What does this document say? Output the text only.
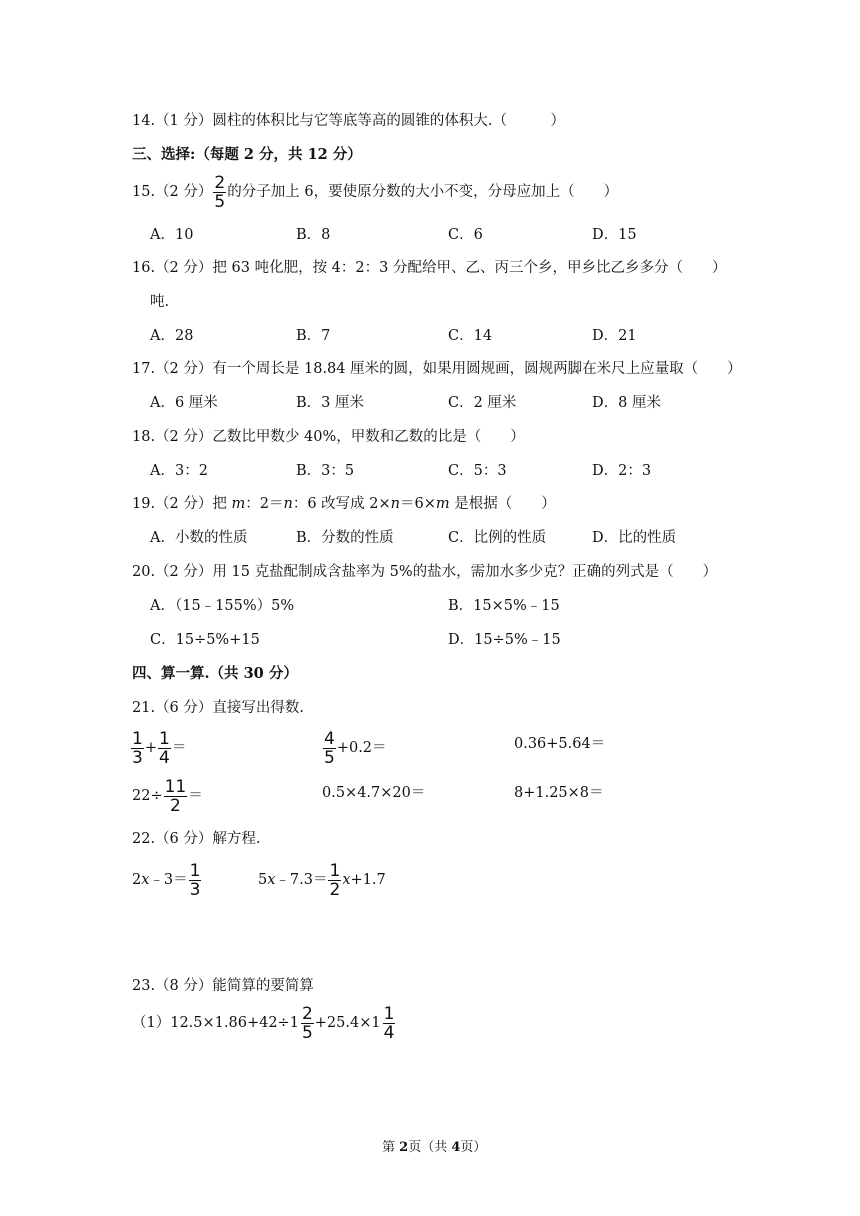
14.（1 分）圆柱的体积比与它等底等高的圆锥的体积大.（　　　）
三、选择:（每题 2 分，共 12 分）
15.（2 分） $\frac{2}{5}$ 的分子加上 6，要使原分数的大小不变，分母应加上（　　）
A．10	B．8	C．6	D．15
16.（2 分）把 63 吨化肥，按 4：2：3 分配给甲、乙、丙三个乡，甲乡比乙乡多分（　　）
吨.
A．28	B．7	C．14	D．21
17.（2 分）有一个周长是 18.84 厘米的圆，如果用圆规画，圆规两脚在米尺上应量取（　　）
A．6 厘米	B．3 厘米	C．2 厘米	D．8 厘米
18.（2 分）乙数比甲数少 40%，甲数和乙数的比是（　　）
A．3：2	B．3：5	C．5：3	D．2：3
19.（2 分）把 m：2＝n：6 改写成 2×n＝6×m 是根据（　　）
A．小数的性质	B．分数的性质	C．比例的性质	D．比的性质
20.（2 分）用 15 克盐配制成含盐率为 5%的盐水，需加水多少克？正确的列式是（　　）
A．（15﹣155%）5%	B．15×5%﹣15
C．15÷5%+15	D．15÷5%﹣15
四、算一算.（共 30 分）
21.（6 分）直接写出得数.
$\frac{1}{3} + \frac{1}{4}$ ＝	$\frac{4}{5} +0.2=$	0.36+5.64＝
$22\div \frac{11}{2}$ ＝	0.5×4.7×20＝	8+1.25×8＝
22.（6 分）解方程.
2x﹣3＝ $\frac{1}{3}$	5x﹣7.3＝ $\frac{1}{2} x+1.7$
23.（8 分）能简算的要简算
$(1)12.5\times 1.86+42\div 1 \frac{2}{5} +25.4\times 1 \frac{1}{4}$
第 2页（共 4页）
